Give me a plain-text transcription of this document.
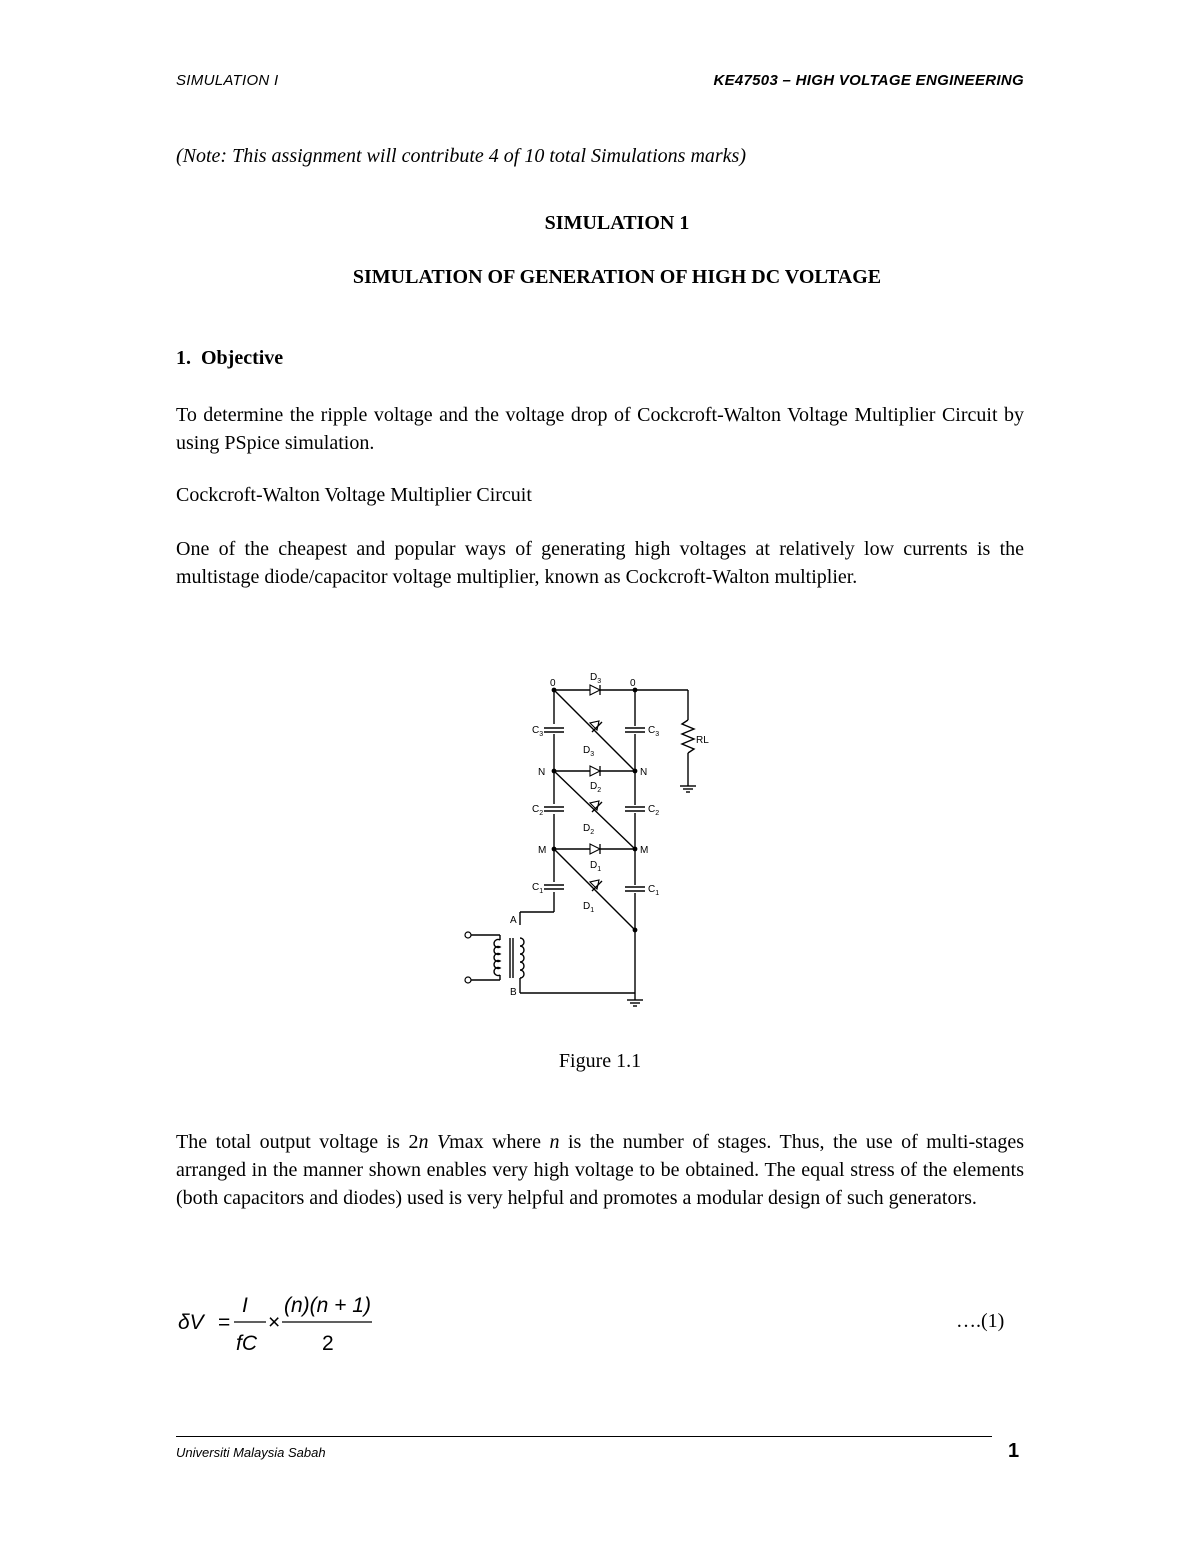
SIMULATION I	KE47503 – HIGH VOLTAGE ENGINEERING
(Note: This assignment will contribute 4 of 10 total Simulations marks)
SIMULATION 1
SIMULATION OF GENERATION OF HIGH DC VOLTAGE
1. Objective
To determine the ripple voltage and the voltage drop of Cockcroft-Walton Voltage Multiplier Circuit by using PSpice simulation.
Cockcroft-Walton Voltage Multiplier Circuit
One of the cheapest and popular ways of generating high voltages at relatively low currents is the multistage diode/capacitor voltage multiplier, known as Cockcroft-Walton multiplier.
0	0
N	N
M	M
A
B
RL
$C_3$
$C_2$
$C_1$
$C_3$
$C_2$
$C_1$
$D_3$
$D_3$
$D_2$
$D_2$
$D_1$
$D_1$
Figure 1.1
The total output voltage is 2n Vmax where n is the number of stages. Thus, the use of multi-stages arranged in the manner shown enables very high voltage to be obtained. The equal stress of the elements (both capacitors and diodes) used is very helpful and promotes a modular design of such generators.
δV =
I
fC
×
(n)(n + 1)
2
….(1)
Universiti Malaysia Sabah	1
